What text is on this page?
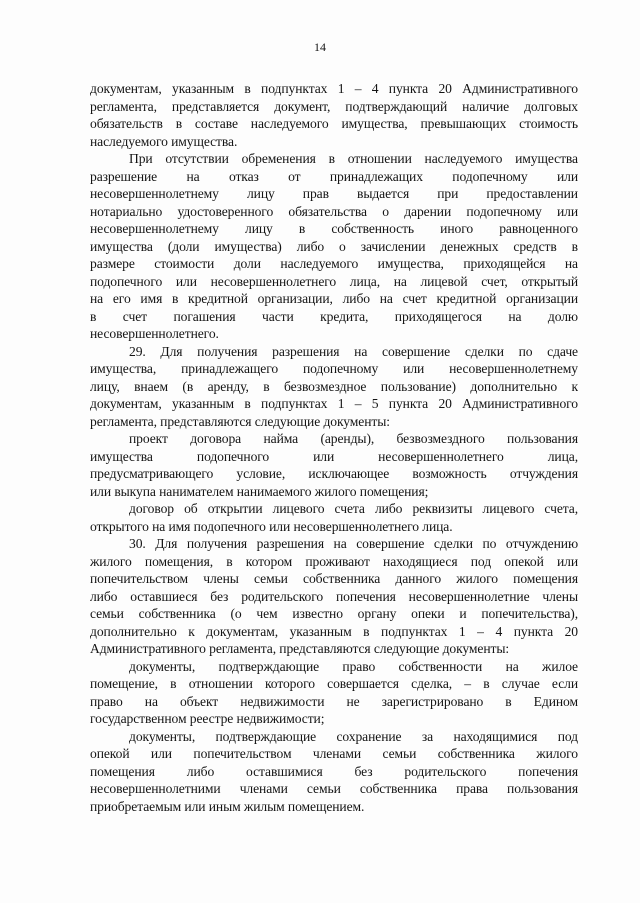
14
документам, указанным в подпунктах 1 – 4 пункта 20 Административного
регламента, представляется документ, подтверждающий наличие долговых
обязательств в составе наследуемого имущества, превышающих стоимость
наследуемого имущества.
При отсутствии обременения в отношении наследуемого имущества
разрешение на отказ от принадлежащих подопечному или
несовершеннолетнему лицу прав выдается при предоставлении
нотариально удостоверенного обязательства о дарении подопечному или
несовершеннолетнему лицу в собственность иного равноценного
имущества (доли имущества) либо о зачислении денежных средств в
размере стоимости доли наследуемого имущества, приходящейся на
подопечного или несовершеннолетнего лица, на лицевой счет, открытый
на его имя в кредитной организации, либо на счет кредитной организации
в счет погашения части кредита, приходящегося на долю
несовершеннолетнего.
29. Для получения разрешения на совершение сделки по сдаче
имущества, принадлежащего подопечному или несовершеннолетнему
лицу, внаем (в аренду, в безвозмездное пользование) дополнительно к
документам, указанным в подпунктах 1 – 5 пункта 20 Административного
регламента, представляются следующие документы:
проект договора найма (аренды), безвозмездного пользования
имущества подопечного или несовершеннолетнего лица,
предусматривающего условие, исключающее возможность отчуждения
или выкупа нанимателем нанимаемого жилого помещения;
договор об открытии лицевого счета либо реквизиты лицевого счета,
открытого на имя подопечного или несовершеннолетнего лица.
30. Для получения разрешения на совершение сделки по отчуждению
жилого помещения, в котором проживают находящиеся под опекой или
попечительством члены семьи собственника данного жилого помещения
либо оставшиеся без родительского попечения несовершеннолетние члены
семьи собственника (о чем известно органу опеки и попечительства),
дополнительно к документам, указанным в подпунктах 1 – 4 пункта 20
Административного регламента, представляются следующие документы:
документы, подтверждающие право собственности на жилое
помещение, в отношении которого совершается сделка, – в случае если
право на объект недвижимости не зарегистрировано в Едином
государственном реестре недвижимости;
документы, подтверждающие сохранение за находящимися под
опекой или попечительством членами семьи собственника жилого
помещения либо оставшимися без родительского попечения
несовершеннолетними членами семьи собственника права пользования
приобретаемым или иным жилым помещением.
